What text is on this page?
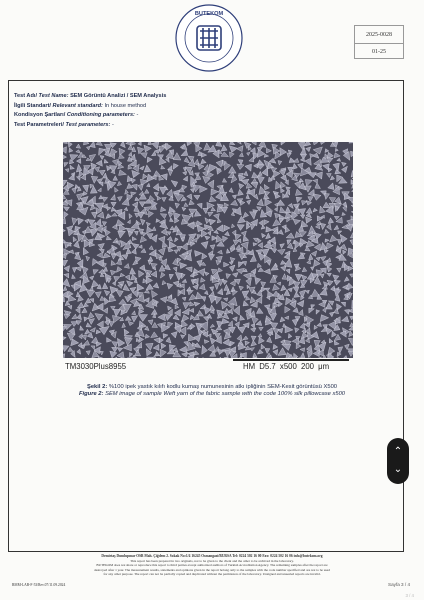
BUTEKOM
2025-0028
01-25
Test Adı/ Test Name: SEM Görüntü Analizi / SEM Analysis
İlgili Standart/ Relevant standard: In house method
Kondisyon Şartları/ Conditioning parameters: -
Test Parametreleri/ Test parameters: -
TM3030Plus8955	HM D5.7 x500 200 μm
Şekil 2: %100 ipek yastık kılıfı kodlu kumaş numunesinin atkı ipliğinin SEM-Kesit görüntüsü X500
Figure 2: SEM image of sample Weft yarn of the fabric sample with the code 100% silk pillowcase x500
⌃
⌄
Demirtaş Dumlupınar OSB Mah. Çiğdem 2. Sokak No:1/4 16245 Osmangazi/BURSA Tel: 0224 502 16 00 Fax: 0224 502 16 06 info@butekom.org
This report has been prepared in two originals, not to be given to the client and the other to be archived in the laboratory.
BUTEKOM does not share or reproduce this report to third parties except authorized auditors of Turkish Accreditation Agency. The remaining samples after the report are
destroyed after 1 year. The measurement results, statements and opinions given in the report belong only to the samples with the code number specified and are not to be used
for any other purpose. The report can not be partially copied and duplicated without the permission of the laboratory. Unsigned and unsealed reports are invalid.
RMM-LAB-F-53/Rev.07/11.09.2024	Sayfa 3 / 4
3 / 4
